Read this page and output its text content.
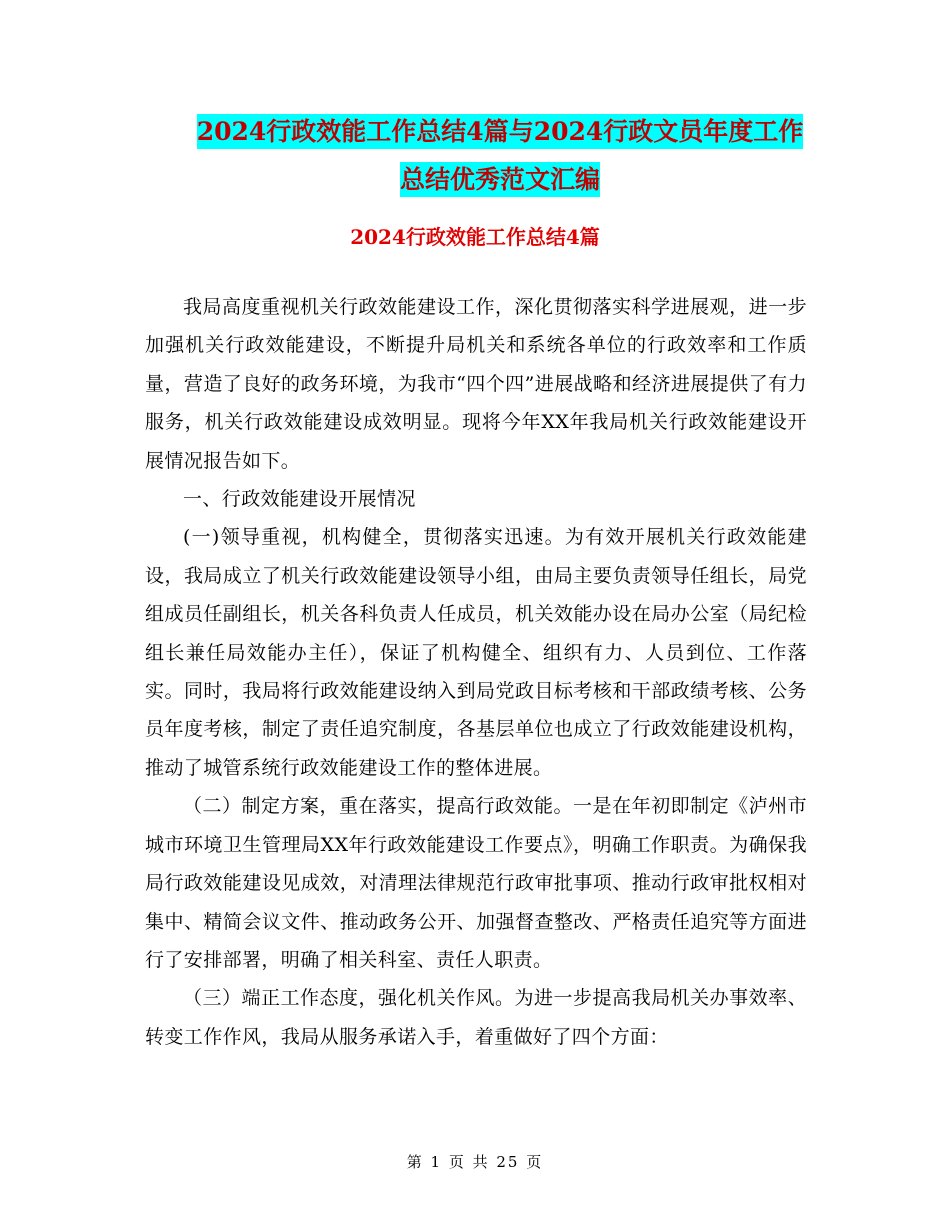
2024行政效能工作总结4篇与2024行政文员年度工作
总结优秀范文汇编
2024行政效能工作总结4篇

我局高度重视机关行政效能建设工作，深化贯彻落实科学进展观，进一步加强机关行政效能建设，不断提升局机关和系统各单位的行政效率和工作质量，营造了良好的政务环境，为我市“四个四”进展战略和经济进展提供了有力服务，机关行政效能建设成效明显。现将今年XX年我局机关行政效能建设开展情况报告如下。

一、行政效能建设开展情况

(一)领导重视，机构健全，贯彻落实迅速。为有效开展机关行政效能建设，我局成立了机关行政效能建设领导小组，由局主要负责领导任组长，局党组成员任副组长，机关各科负责人任成员，机关效能办设在局办公室（局纪检组长兼任局效能办主任），保证了机构健全、组织有力、人员到位、工作落实。同时，我局将行政效能建设纳入到局党政目标考核和干部政绩考核、公务员年度考核，制定了责任追究制度，各基层单位也成立了行政效能建设机构，推动了城管系统行政效能建设工作的整体进展。

（二）制定方案，重在落实，提高行政效能。一是在年初即制定《泸州市城市环境卫生管理局XX年行政效能建设工作要点》，明确工作职责。为确保我局行政效能建设见成效，对清理法律规范行政审批事项、推动行政审批权相对集中、精简会议文件、推动政务公开、加强督查整改、严格责任追究等方面进行了安排部署，明确了相关科室、责任人职责。

（三）端正工作态度，强化机关作风。为进一步提高我局机关办事效率、转变工作作风，我局从服务承诺入手，着重做好了四个方面：

第 1 页 共 25 页
